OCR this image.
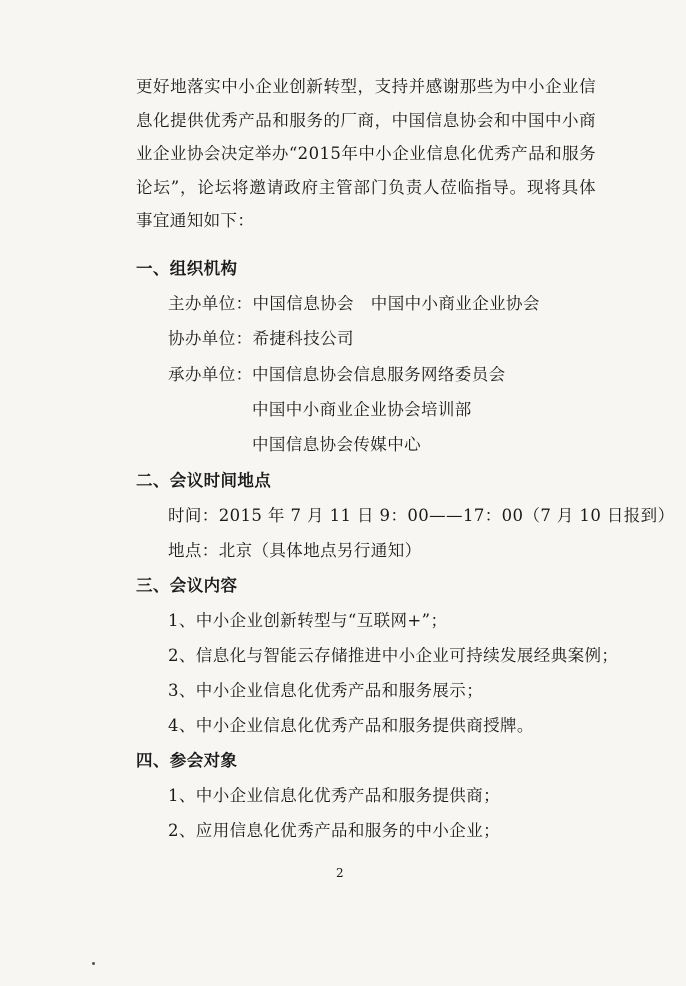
更好地落实中小企业创新转型，支持并感谢那些为中小企业信息化提供优秀产品和服务的厂商，中国信息协会和中国中小商业企业协会决定举办“2015年中小企业信息化优秀产品和服务论坛”，论坛将邀请政府主管部门负责人莅临指导。现将具体事宜通知如下：

一、组织机构
主办单位：中国信息协会　中国中小商业企业协会
协办单位：希捷科技公司
承办单位： 中国信息协会信息服务网络委员会
中国中小商业企业协会培训部
中国信息协会传媒中心
二、会议时间地点
时间：2015 年 7 月 11 日 9：00——17：00（7 月 10 日报到）
地点：北京（具体地点另行通知）
三、会议内容
1、中小企业创新转型与“互联网+”；
2、信息化与智能云存储推进中小企业可持续发展经典案例；
3、中小企业信息化优秀产品和服务展示；
4、中小企业信息化优秀产品和服务提供商授牌。
四、参会对象
1、中小企业信息化优秀产品和服务提供商；
2、应用信息化优秀产品和服务的中小企业；
2
